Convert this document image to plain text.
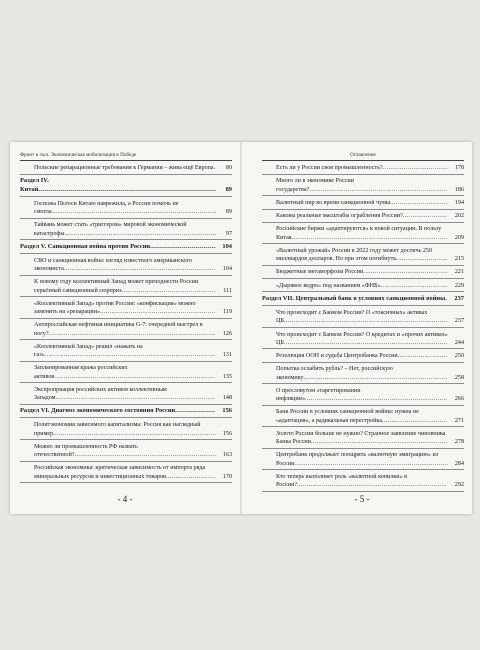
Фронт и тыл. Экономическая мобилизация к Победе
Польские репарационные требования к Германии – жива ещё Европа. 80
Раздел IV. Китай......................................................................................... 89
Госпожа Пелоси Китаю наврежила, а России помочь не смогла...................................................................................... 89
Тайвань может стать «триггером» мировой экономической катастрофы............................................................................... 97
Раздел V. Санкционная война против России................................. 104
СВО и санкционная война: взгляд известного американского экономиста............................................................................... 104
К новому году коллективный Запад может преподнести России серьёзный санкционный сюрприз................................................. 111
«Коллективный Запад» против России: «конфискация» можно заменить на «репарации»............................................................ 119
Антироссийская нефтяная инициатива G-7: очередной выстрел в ногу?....................................................................................... 126
«Коллективный Запад» решил «нажать на газ»......................................................................................... 131
Запланированная кража российских активов.................................................................................... 135
Экспроприация российских активов коллективным Западом................................................................................... 148
Раздел VI. Диагноз экономического состояния России.................... 156
Политэкономия зависимого капитализма: Россия как наглядный пример..................................................................................... 156
Можно ли промышленность РФ назвать отечественной?.......................................................................... 163
Российская экономика: критическая зависимость от импорта ряда минеральных ресурсов и инвестиционных товаров.......................... 170
- 4 -
Оглавление
Есть ли у России своя промышленность?.................................. 178
Много ли в экономике России государства?........................................................................ 186
Валютный пир во время санкционной чумы.............................. 194
Каковы реальные масштабы ограбления России?....................... 202
Российские биржи «адаптируются» к новой ситуации. В пользу Китая................................................................................. 209
«Валютный урожай» России в 2022 году может достичь 250 миллиардов долларов. Но при этом погибнуть........................... 215
Бюджетные метаморфозы России............................................ 221
«Дырявое ведро» под названием «ФНБ»................................... 229
Раздел VII. Центральный банк в условиях санкционной войны. 237
Что происходит с Банком России? О «токсичных» активах ЦБ..................................................................................... 237
Что происходит с Банком России? О кредитах и «прочих активах» ЦБ..................................................................................... 244
Резолюция ООН и судьба Центробанка России.......................... 250
Попытка ослабить рубль? – Нет, российскую экономику........................................................................... 258
О пресловутом «таргетировании инфляции».......................................................................... 266
Банк России в условиях санкционной войны: нужна не «адаптация», а радикальная перестройка.................................. 271
Золото России больше не нужно? Странное заявление чиновника Банка России....................................................................... 278
Центробанк продолжает поощрять «валютную эмиграцию» из России................................................................................ 284
Кто теперь выполняет роль «валютной копилки» в России?.............................................................................. 292
- 5 -
